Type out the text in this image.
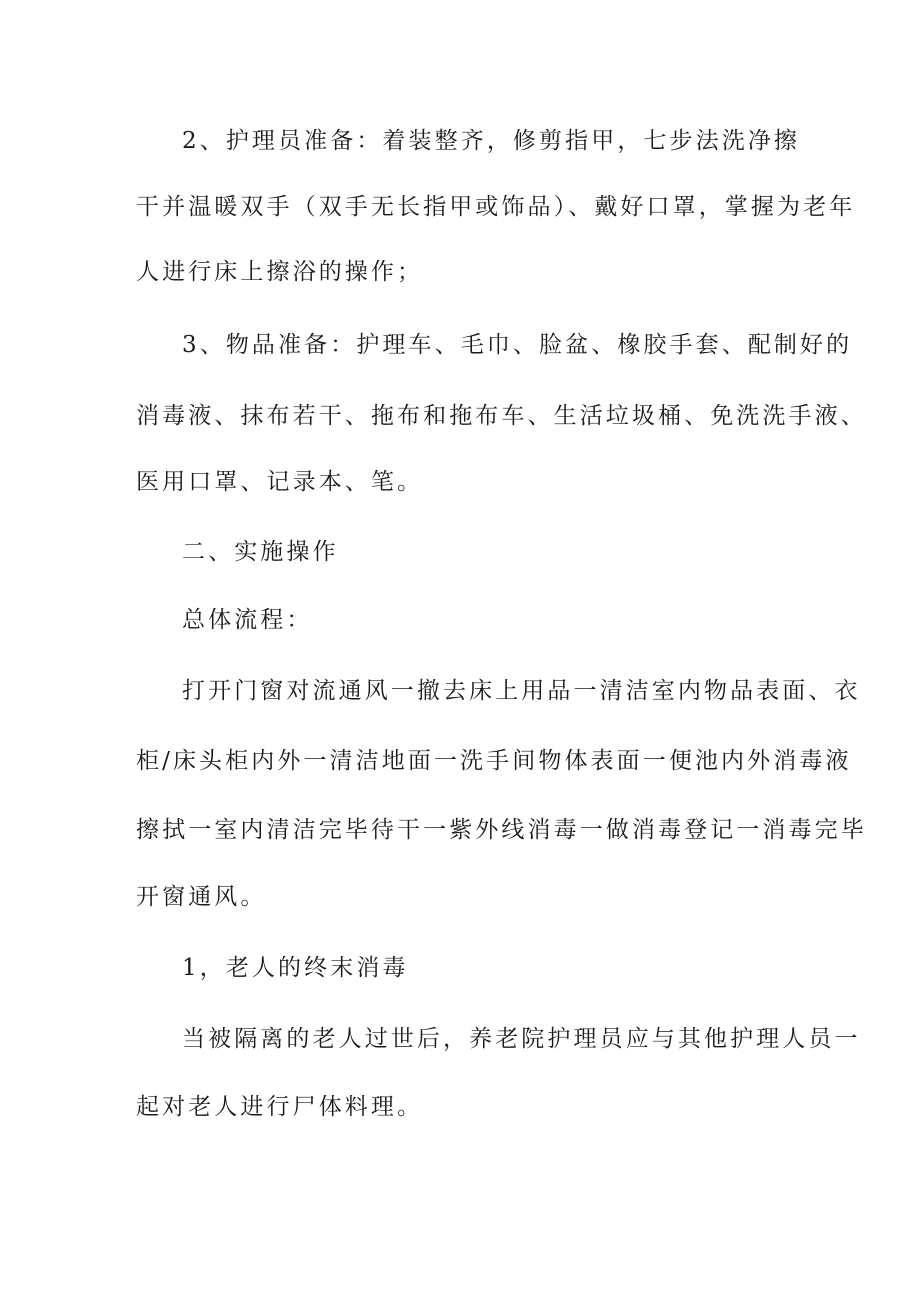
2、护理员准备：着装整齐，修剪指甲，七步法洗净擦

干并温暖双手（双手无长指甲或饰品）、戴好口罩，掌握为老年

人进行床上擦浴的操作；

3、物品准备：护理车、毛巾、脸盆、橡胶手套、配制好的

消毒液、抹布若干、拖布和拖布车、生活垃圾桶、免洗洗手液、

医用口罩、记录本、笔。

二、实施操作

总体流程：

打开门窗对流通风一撤去床上用品一清洁室内物品表面、衣

柜/床头柜内外一清洁地面一洗手间物体表面一便池内外消毒液

擦拭一室内清洁完毕待干一紫外线消毒一做消毒登记一消毒完毕

开窗通风。

1，老人的终末消毒

当被隔离的老人过世后，养老院护理员应与其他护理人员一

起对老人进行尸体料理。
